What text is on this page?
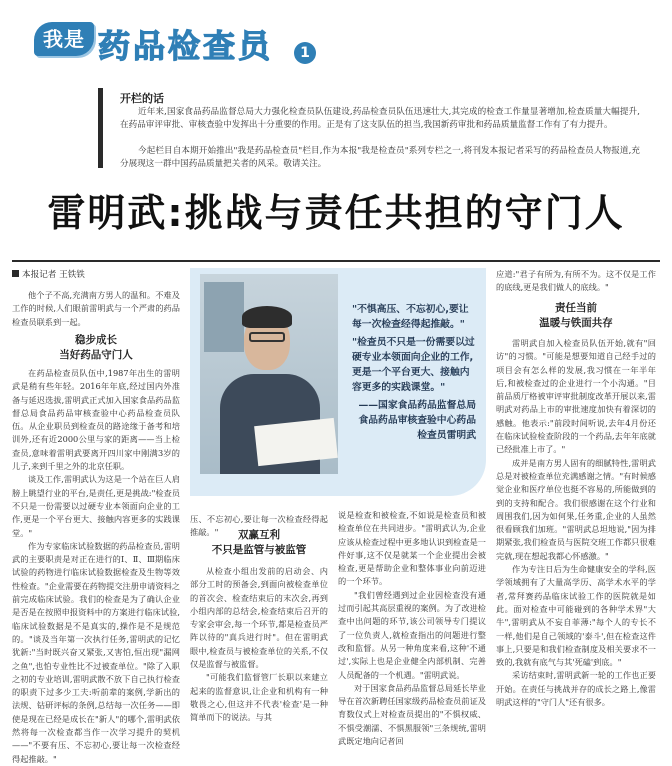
我是 药品检查员	1
开栏的话
近年来,国家食品药品监督总局大力强化检查员队伍建设,药品检查员队伍迅速壮大,其完成的检查工作量显著增加,检查质量大幅提升,在药品审评审批、审核查验中发挥出十分重要的作用。正是有了这支队伍的担当,我国新药审批和药品质量监督工作有了有力提升。
今起栏目自本期开始推出"我是药品检查员"栏目,作为本报"我是检查员"系列专栏之一,将刊发本报记者采写的药品检查员人物报道,充分展现这一群中国药品质量把关者的风采。敬请关注。
雷明武:挑战与责任共担的守门人
本报记者 王铁铁

他个子不高,充满南方男人的温和。不难及工作的时候,人们眼前雷明武与一个严肃的药品检查员联系到一起。

稳步成长
当好药品守门人

在药品检查员队伍中,1987年出生的雷明武是稍有些年轻。2016年年底,经过国内外准备与延迟选拔,雷明武正式加入国家食品药品监督总局食品药品审核查验中心药品检查员队伍。从企业职员到检查员的路途缘于备考和培训外,还有近2000公里与家的距离——当上检查员,意味着雷明武要离开四川家中刚满3岁的儿子,来到千里之外的北京任职。

谈及工作,雷明武认为这是一个站在巨人肩膀上眺望行业的平台,是责任,更是挑战:"检查员不只是一份需要以过硬专业本领面向企业的工作,更是一个平台更大、接触内容更多的实践课堂。"

作为专家临床试验数据的药品检查员,雷明武的主要职责是对正在进行的Ⅰ、Ⅱ、Ⅲ期临床试验的药物进行临床试验数据检查及生物等效性检查。"企业需要在药物提交注册申请资料之前完成临床试验。我们的检查是为了确认企业是否是在按照申报资料中的方案进行临床试验,临床试验数据是不是真实的,操作是不是规范的。"谈及当年第一次执行任务,雷明武的记忆犹新:"当时既兴奋又紧张,又害怕,恒出现"漏网之鱼",也怕专业性比不过被查单位。"除了入职之初的专业培训,雷明武散不放下自己执行检查的职责下过多少工夫:听前辈的案例,学新出的法规、钻研评标的条例,总结每一次任务——即使是现在已经是成长在"新人"的哪个,雷明武依然将每一次检查都当作一次学习提升的契机——"不要有压、不忘初心,要让每一次检查经得起推敲。"

"不惧高压、不忘初心,要让每一次检查经得起推敲。"

"检查员不只是一份需要以过硬专业本领面向企业的工作,更是一个平台更大、接触内容更多的实践课堂。"

——国家食品药品监督总局食品药品审核查验中心药品检查员雷明武

压、不忘初心,要让每一次检查经得起推敲。"	双赢互利
不只是监管与被监管

从检查小组出发前的启动会、内部分工时的预备会,到面向被检查单位的首次会、检查结束后的末次会,再到小组内部的总结会,检查结束后召开的专家会审会,每一个环节,都是检查员严阵以待的"真兵进行时"。但在雷明武眼中,检查员与被检查单位的关系,不仅仅是监督与被监督。

"可能我们监督管厂长职以来建立起来的监督意识,让企业和机构有一种敬畏之心,但这并不代表'检查'是一种简单而下的说法。与其

说是检查和被检查,不如说是检查员和被检查单位在共同进步。"雷明武认为,企业应该从检查过程中更多地认识到检查是一件好事,这不仅是就某一个企业提出会被检查,更是帮助企业和整体事业向前迈进的一个环节。

"我们曾经遇到过企业因检查没有通过而引起其高层重视的案例。为了改进检查中出问题的环节,该公司领导专门提议了一位负责人,就检查指出的问题进行整改和监督。从另一种角度来看,这种'不通过',实际上也是企业健全内部机制、完善人员配备的一个机遇。"雷明武说。

对于国家食品药品监督总局延长毕业导在首次新聘任国家级药品检查员前证及育数仪式上对检查员提出的"不惧权威、不惧受潮濡、不惧黑服领"三条规统,雷明武既定地向记者回

应道:"君子有所为,有所不为。这不仅是工作的底线,更是我们做人的底线。"

责任当前
温暖与铁面共存

雷明武自加入检查员队伍开始,就有"回访"的习惯。"可能是想要知道自己经手过的项目会有怎么样的发展,我习惯在一年半年后,和被检查过的企业进行一个小沟通。"目前品质厅格被审评审批制度改革开展以来,雷明武对药品上市的审批速度加快有着深切的感触。他表示:"前段时间听说,去年4月份还在临床试验检查阶段的一个药品,去年年底就已经批准上市了。"

成并是南方男人固有的细腻特性,雷明武总是对被检查单位充满感谢之情。"有时候感觉企业和医疗单位也挺不容易的,所能做到的到的支持和配合。我们很感谢在这个行业和周围我们,因为如何果,任务重,企业的人虽然很看顾我们加班。"雷明武总坦地说,"因为排期紧张,我们检查员与医院交班工作都只很难完就,现在想起我都心怀感激。"

作为专注日后为生命健康安全的学科,医学领域拥有了大量高学历、高学术水平的学者,常拜赛药品临床试验工作的医院就是如此。面对检查中可能碰到的各种学术界"大牛",雷明武从不妄自菲薄:"每个人的专长不一样,他们是自己领域的'泰斗',但在检查这件事上,只要是和我们检查制度及相关要求不一致的,我就有底气与其'死磕'到底。"

采访结束时,雷明武新一轮的工作也正要开始。在责任与挑战并存的成长之路上,像雷明武这样的"守门人"还有很多。
